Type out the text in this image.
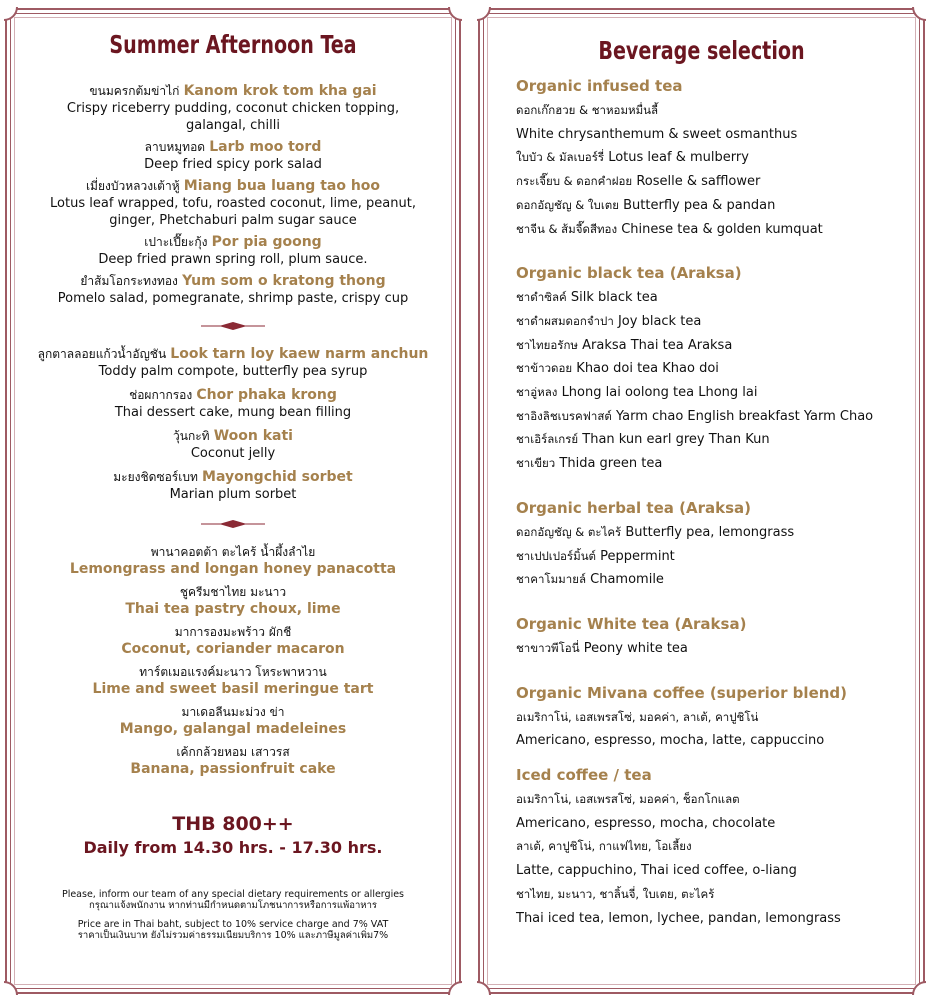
Summer Afternoon Tea
ขนมครกต้มข่าไก่ Kanom krok tom kha gai
Crispy riceberry pudding, coconut chicken topping,
galangal, chilli
ลาบหมูทอด Larb moo tord
Deep fried spicy pork salad
เมี่ยงบัวหลวงเต้าหู้ Miang bua luang tao hoo
Lotus leaf wrapped, tofu, roasted coconut, lime, peanut,
ginger, Phetchaburi palm sugar sauce
เปาะเปี๊ยะกุ้ง Por pia goong
Deep fried prawn spring roll, plum sauce.
ยำส้มโอกระทงทอง Yum som o kratong thong
Pomelo salad, pomegranate, shrimp paste, crispy cup
ลูกตาลลอยแก้วน้ำอัญชัน Look tarn loy kaew narm anchun
Toddy palm compote, butterfly pea syrup
ช่อผกากรอง Chor phaka krong
Thai dessert cake, mung bean filling
วุ้นกะทิ Woon kati
Coconut jelly
มะยงชิดซอร์เบท Mayongchid sorbet
Marian plum sorbet
พานาคอตต้า ตะไคร้ น้ำผึ้งลำไย
Lemongrass and longan honey panacotta
ชูครีมชาไทย มะนาว
Thai tea pastry choux, lime
มาการองมะพร้าว ผักชี
Coconut, coriander macaron
ทาร์ตเมอแรงค์มะนาว โหระพาหวาน
Lime and sweet basil meringue tart
มาเดอลีนมะม่วง ข่า
Mango, galangal madeleines
เค้กกล้วยหอม เสาวรส
Banana, passionfruit cake
THB 800++
Daily from 14.30 hrs. - 17.30 hrs.
Please, inform our team of any special dietary requirements or allergies
กรุณาแจ้งพนักงาน หากท่านมีกำหนดตามโภชนาการหรือการแพ้อาหาร
Price are in Thai baht, subject to 10% service charge and 7% VAT
ราคาเป็นเงินบาท ยังไม่รวมค่าธรรมเนียมบริการ 10% และภาษีมูลค่าเพิ่ม7%
Beverage selection
Organic infused tea
ดอกเก๊กฮวย & ชาหอมหมื่นลี้
White chrysanthemum & sweet osmanthus
ใบบัว & มัลเบอร์รี่ Lotus leaf & mulberry
กระเจี๊ยบ & ดอกคำฝอย Roselle & safflower
ดอกอัญชัญ & ใบเตย Butterfly pea & pandan
ชาจีน & ส้มจี๊ดสีทอง Chinese tea & golden kumquat
Organic black tea (Araksa)
ชาดำซิลค์ Silk black tea
ชาดำผสมดอกจำปา Joy black tea
ชาไทยอรักษ Araksa Thai tea Araksa
ชาข้าวดอย Khao doi tea Khao doi
ชาอู่หลง Lhong lai oolong tea Lhong lai
ชาอิงลิชเบรคฟาสต์ Yarm chao English breakfast Yarm Chao
ชาเอิร์ลเกรย์ Than kun earl grey Than Kun
ชาเขียว Thida green tea
Organic herbal tea (Araksa)
ดอกอัญชัญ & ตะไคร้ Butterfly pea, lemongrass
ชาเปปเปอร์มิ้นต์ Peppermint
ชาคาโมมายล์ Chamomile
Organic White tea (Araksa)
ชาขาวพีโอนี่ Peony white tea
Organic Mivana coffee (superior blend)
อเมริกาโน่, เอสเพรสโซ่, มอคค่า, ลาเต้, คาปูชิโน่
Americano, espresso, mocha, latte, cappuccino
Iced coffee / tea
อเมริกาโน่, เอสเพรสโซ่, มอคค่า, ช็อกโกแลต
Americano, espresso, mocha, chocolate
ลาเต้, คาปูชิโน่, กาแฟไทย, โอเลี้ยง
Latte, cappuchino, Thai iced coffee, o-liang
ชาไทย, มะนาว, ชาลิ้นจี่, ใบเตย, ตะไคร้
Thai iced tea, lemon, lychee, pandan, lemongrass
